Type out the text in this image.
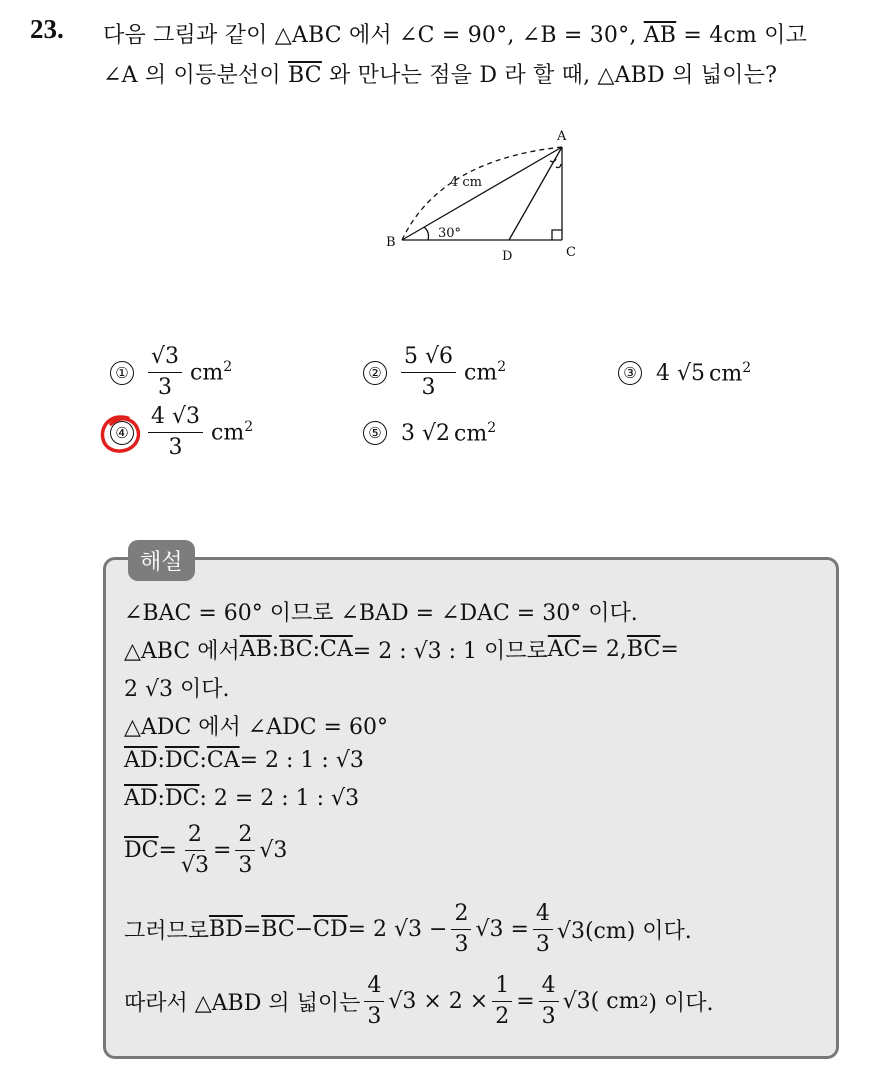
23. 다음 그림과 같이 △ABC 에서 ∠C = 90°, ∠B = 30°, $\overline{AB} = 4cm$ 이고
∠A 의 이등분선이 $\overline{BC}$ 와 만나는 점을 D 라 할 때, △ABD 의 넓이는?
A
B
C
D
4 cm
30°
① $\frac{√3}{3} cm^2$	② $\frac{5 √6}{3} cm^2$	③ 4 √5 $cm^2$
④ $\frac{4 √3}{3} cm^2$	⑤ 3 √2 $cm^2$
해설
∠BAC = 60° 이므로 ∠BAD = ∠DAC = 30° 이다.
△ABC 에서 $\overline{AB}$ : $\overline{BC}$ : $\overline{CA} = 2$ : √3 : 1 이므로 $\overline{AC} = 2$, $\overline{BC}$ =
2 √3 이다.
△ADC 에서 ∠ADC = 60°
$\overline{AD}$ : $\overline{DC}$ : $\overline{CA} = 2$ : 1 : √3
$\overline{AD}$ : $\overline{DC}$ : 2 = 2 : 1 : √3
$\overline{DC} = \frac{2}{√3} = \frac{2}{3} √3$
그러므로 $\overline{BD} = \overline{BC} - \overline{CD} = 2$ $√3 - \frac{2}{3} √3 = \frac{4}{3} √3(cm)$ 이다.
따라서 △ABD 의 넓이는 $\frac{4}{3} √3 \times 2 \times \frac{1}{2} = \frac{4}{3} √3$( cm 2 ) 이다.
